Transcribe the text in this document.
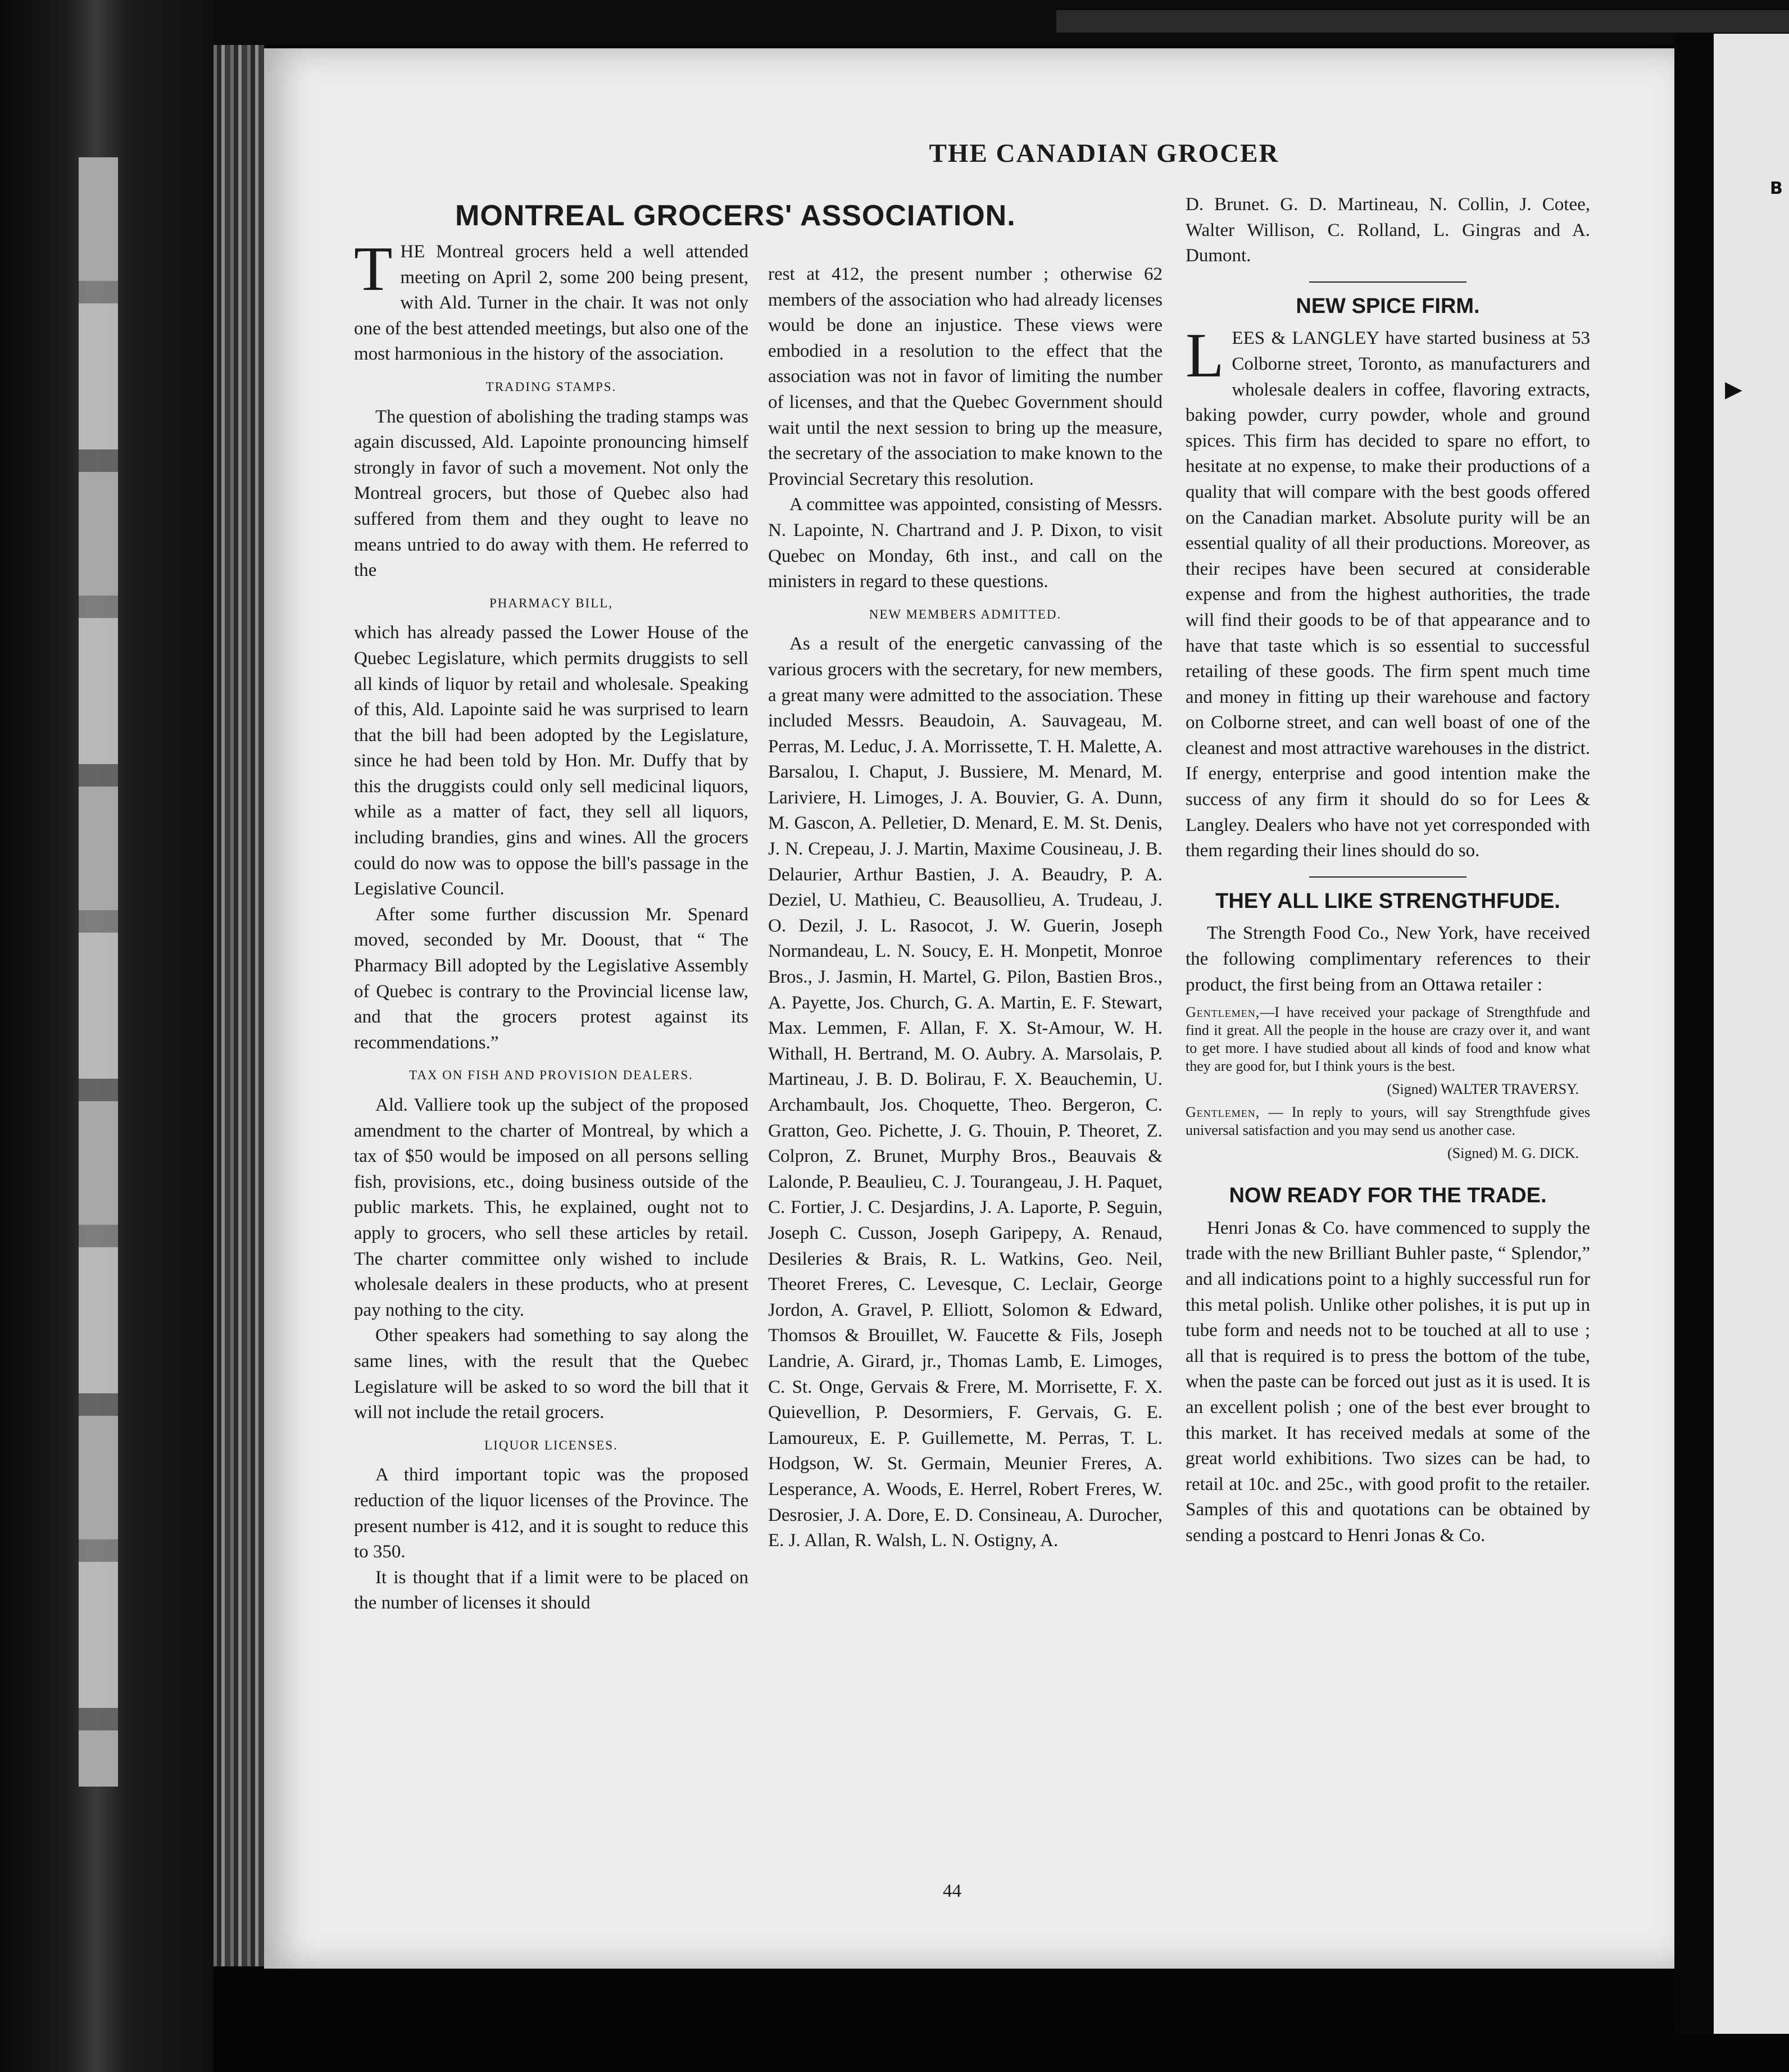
▶
B
THE CANADIAN GROCER
MONTREAL GROCERS' ASSOCIATION.

THE Montreal grocers held a well attended meeting on April 2, some 200 being present, with Ald. Turner in the chair. It was not only one of the best attended meetings, but also one of the most harmonious in the history of the association.

TRADING STAMPS.

The question of abolishing the trading stamps was again discussed, Ald. Lapointe pronouncing himself strongly in favor of such a movement. Not only the Montreal grocers, but those of Quebec also had suffered from them and they ought to leave no means untried to do away with them. He referred to the

PHARMACY BILL,

which has already passed the Lower House of the Quebec Legislature, which permits druggists to sell all kinds of liquor by retail and wholesale. Speaking of this, Ald. Lapointe said he was surprised to learn that the bill had been adopted by the Legislature, since he had been told by Hon. Mr. Duffy that by this the druggists could only sell medicinal liquors, while as a matter of fact, they sell all liquors, including brandies, gins and wines. All the grocers could do now was to oppose the bill's passage in the Legislative Council.

After some further discussion Mr. Spenard moved, seconded by Mr. Dooust, that “ The Pharmacy Bill adopted by the Legislative Assembly of Quebec is contrary to the Provincial license law, and that the grocers protest against its recommendations.”

TAX ON FISH AND PROVISION DEALERS.

Ald. Valliere took up the subject of the proposed amendment to the charter of Montreal, by which a tax of $50 would be imposed on all persons selling fish, provisions, etc., doing business outside of the public markets. This, he explained, ought not to apply to grocers, who sell these articles by retail. The charter committee only wished to include wholesale dealers in these products, who at present pay nothing to the city.

Other speakers had something to say along the same lines, with the result that the Quebec Legislature will be asked to so word the bill that it will not include the retail grocers.

LIQUOR LICENSES.

A third important topic was the proposed reduction of the liquor licenses of the Province. The present number is 412, and it is sought to reduce this to 350.

It is thought that if a limit were to be placed on the number of licenses it should

rest at 412, the present number ; otherwise 62 members of the association who had already licenses would be done an injustice. These views were embodied in a resolution to the effect that the association was not in favor of limiting the number of licenses, and that the Quebec Government should wait until the next session to bring up the measure, the secretary of the association to make known to the Provincial Secretary this resolution.

A committee was appointed, consisting of Messrs. N. Lapointe, N. Chartrand and J. P. Dixon, to visit Quebec on Monday, 6th inst., and call on the ministers in regard to these questions.

NEW MEMBERS ADMITTED.

As a result of the energetic canvassing of the various grocers with the secretary, for new members, a great many were admitted to the association. These included Messrs. Beaudoin, A. Sauvageau, M. Perras, M. Leduc, J. A. Morrissette, T. H. Malette, A. Barsalou, I. Chaput, J. Bussiere, M. Menard, M. Lariviere, H. Limoges, J. A. Bouvier, G. A. Dunn, M. Gascon, A. Pelletier, D. Menard, E. M. St. Denis, J. N. Crepeau, J. J. Martin, Maxime Cousineau, J. B. Delaurier, Arthur Bastien, J. A. Beaudry, P. A. Deziel, U. Mathieu, C. Beausollieu, A. Trudeau, J. O. Dezil, J. L. Rasocot, J. W. Guerin, Joseph Normandeau, L. N. Soucy, E. H. Monpetit, Monroe Bros., J. Jasmin, H. Martel, G. Pilon, Bastien Bros., A. Payette, Jos. Church, G. A. Martin, E. F. Stewart, Max. Lemmen, F. Allan, F. X. St-Amour, W. H. Withall, H. Bertrand, M. O. Aubry. A. Marsolais, P. Martineau, J. B. D. Bolirau, F. X. Beauchemin, U. Archambault, Jos. Choquette, Theo. Bergeron, C. Gratton, Geo. Pichette, J. G. Thouin, P. Theoret, Z. Colpron, Z. Brunet, Murphy Bros., Beauvais & Lalonde, P. Beaulieu, C. J. Tourangeau, J. H. Paquet, C. Fortier, J. C. Desjardins, J. A. Laporte, P. Seguin, Joseph C. Cusson, Joseph Garipepy, A. Renaud, Desileries & Brais, R. L. Watkins, Geo. Neil, Theoret Freres, C. Levesque, C. Leclair, George Jordon, A. Gravel, P. Elliott, Solomon & Edward, Thomsos & Brouillet, W. Faucette & Fils, Joseph Landrie, A. Girard, jr., Thomas Lamb, E. Limoges, C. St. Onge, Gervais & Frere, M. Morrisette, F. X. Quievellion, P. Desormiers, F. Gervais, G. E. Lamoureux, E. P. Guillemette, M. Perras, T. L. Hodgson, W. St. Germain, Meunier Freres, A. Lesperance, A. Woods, E. Herrel, Robert Freres, W. Desrosier, J. A. Dore, E. D. Consineau, A. Durocher, E. J. Allan, R. Walsh, L. N. Ostigny, A.

D. Brunet. G. D. Martineau, N. Collin, J. Cotee, Walter Willison, C. Rolland, L. Gingras and A. Dumont.

NEW SPICE FIRM.

LEES & LANGLEY have started business at 53 Colborne street, Toronto, as manufacturers and wholesale dealers in coffee, flavoring extracts, baking powder, curry powder, whole and ground spices. This firm has decided to spare no effort, to hesitate at no expense, to make their productions of a quality that will compare with the best goods offered on the Canadian market. Absolute purity will be an essential quality of all their productions. Moreover, as their recipes have been secured at considerable expense and from the highest authorities, the trade will find their goods to be of that appearance and to have that taste which is so essential to successful retailing of these goods. The firm spent much time and money in fitting up their warehouse and factory on Colborne street, and can well boast of one of the cleanest and most attractive warehouses in the district. If energy, enterprise and good intention make the success of any firm it should do so for Lees & Langley. Dealers who have not yet corresponded with them regarding their lines should do so.

THEY ALL LIKE STRENGTHFUDE.

The Strength Food Co., New York, have received the following complimentary references to their product, the first being from an Ottawa retailer :

Gentlemen,—I have received your package of Strengthfude and find it great. All the people in the house are crazy over it, and want to get more. I have studied about all kinds of food and know what they are good for, but I think yours is the best.

(Signed) WALTER TRAVERSY.

Gentlemen, — In reply to yours, will say Strengthfude gives universal satisfaction and you may send us another case.

(Signed) M. G. DICK.

NOW READY FOR THE TRADE.

Henri Jonas & Co. have commenced to supply the trade with the new Brilliant Buhler paste, “ Splendor,” and all indications point to a highly successful run for this metal polish. Unlike other polishes, it is put up in tube form and needs not to be touched at all to use ; all that is required is to press the bottom of the tube, when the paste can be forced out just as it is used. It is an excellent polish ; one of the best ever brought to this market. It has received medals at some of the great world exhibitions. Two sizes can be had, to retail at 10c. and 25c., with good profit to the retailer. Samples of this and quotations can be obtained by sending a postcard to Henri Jonas & Co.

44
